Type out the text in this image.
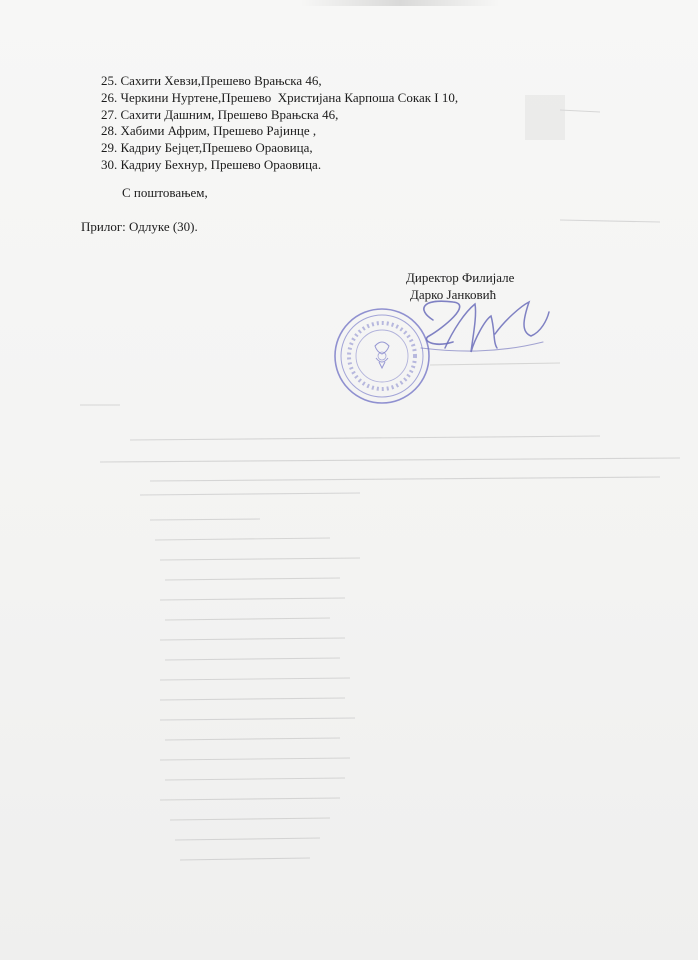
25. Сахити Хевзи,Прешево Врањска 46,
26. Черкини Нуртене,Прешево  Христијана Карпоша Сокак I 10,
27. Сахити Дашним, Прешево Врањска 46,
28. Хабими Африм, Прешево Рајинце ,
29. Кадриу Бејцет,Прешево Ораовица,
30. Кадриу Бехнур, Прешево Ораовица.
С поштовањем,
Прилог: Одлуке (30).
Директор Филијале
Дарко Јанковић
